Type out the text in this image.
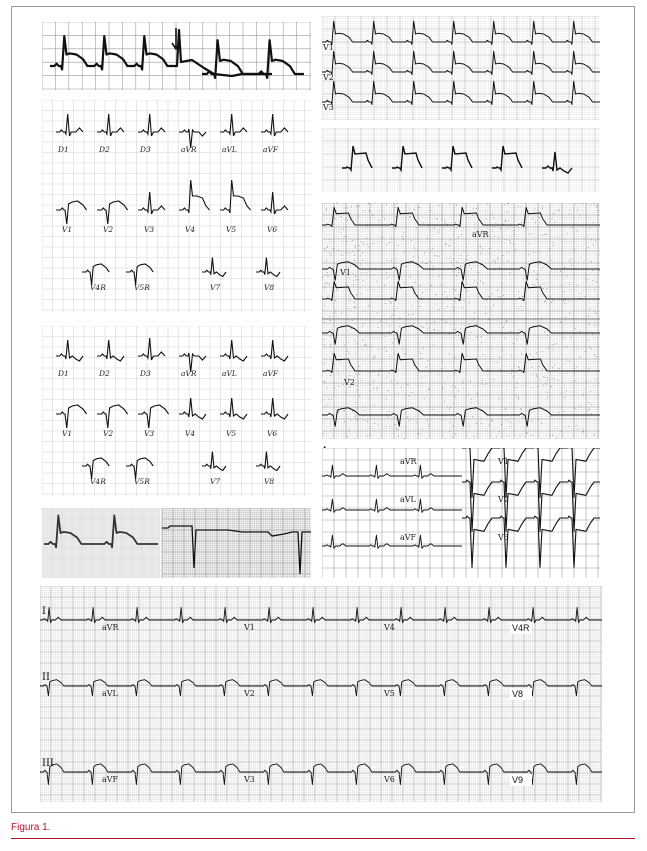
D1	D2	D3	aVR	aVL	aVF
V1	V2	V3	V4	V5	V6
V4R	V5R	V7	V8
D1	D2	D3	aVR	aVL	aVF
V1	V2	V3	V4	V5	V6
V4R	V5R	V7	V8
I
aVR	V1	V4	V4R
II
aVL	V2	V5	V8
III
aVF	V3	V6	V9
V1
V2
V3
aVR
V1
V2
aVR
aVL
aVF
V1
V2
V3
Figura 1.
